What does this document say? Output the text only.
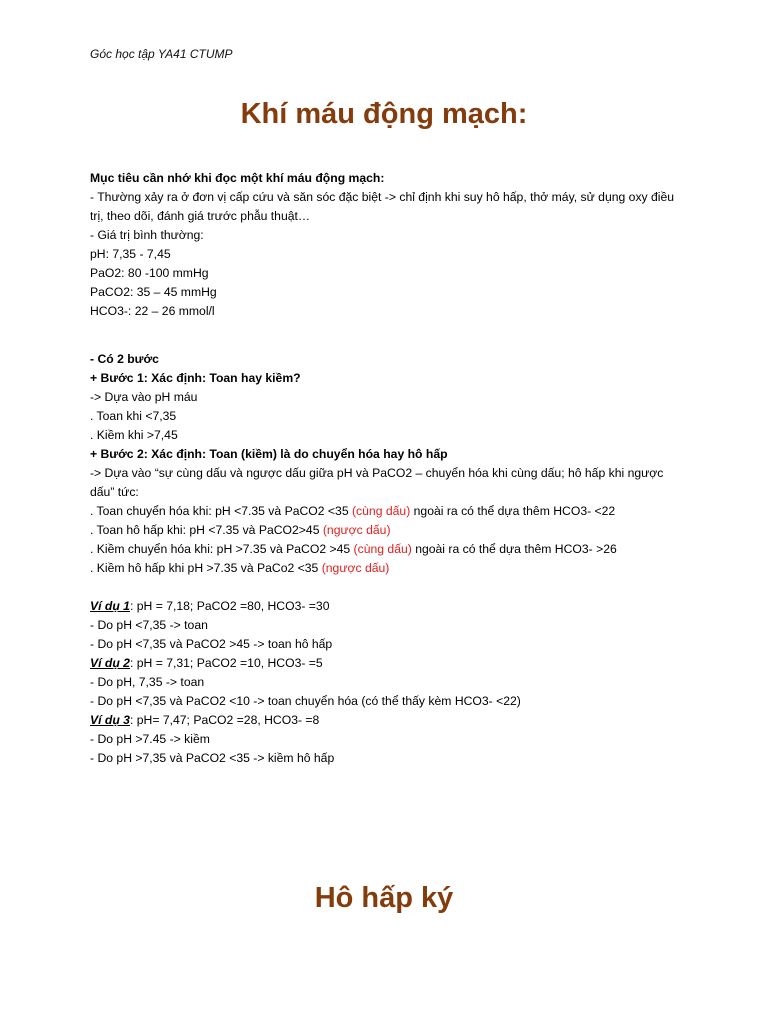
Góc học tập YA41 CTUMP
Khí máu động mạch:

Mục tiêu cần nhớ khi đọc một khí máu động mạch:

- Thường xảy ra ở đơn vị cấp cứu và săn sóc đặc biệt -> chỉ định khi suy hô hấp, thở máy, sử dụng oxy điều trị, theo dõi, đánh giá trước phẫu thuật…

- Giá trị bình thường:

pH: 7,35 - 7,45

PaO2: 80 -100 mmHg

PaCO2: 35 – 45 mmHg

HCO3-: 22 – 26 mmol/l

- Có 2 bước

+ Bước 1: Xác định: Toan hay kiềm?

-> Dựa vào pH máu

. Toan khi <7,35

. Kiềm khi >7,45

+ Bước 2: Xác định: Toan (kiềm) là do chuyển hóa hay hô hấp

-> Dựa vào “sự cùng dấu và ngược dấu giữa pH và PaCO2 – chuyển hóa khi cùng dấu; hô hấp khi ngược dấu” tức:

. Toan chuyển hóa khi: pH <7.35 và PaCO2 <35 (cùng dấu) ngoài ra có thể dựa thêm HCO3- <22

. Toan hô hấp khi: pH <7.35 và PaCO2>45 (ngược dấu)

. Kiềm chuyển hóa khi: pH >7.35 và PaCO2 >45 (cùng dấu) ngoài ra có thể dựa thêm HCO3- >26

. Kiềm hô hấp khi pH >7.35 và PaCo2 <35 (ngược dấu)

Ví dụ 1: pH = 7,18; PaCO2 =80, HCO3- =30

- Do pH <7,35 -> toan

- Do pH <7,35 và PaCO2 >45 -> toan hô hấp

Ví dụ 2: pH = 7,31; PaCO2 =10, HCO3- =5

- Do pH, 7,35 -> toan

- Do pH <7,35 và PaCO2 <10 -> toan chuyển hóa (có thể thấy kèm HCO3- <22)

Ví dụ 3: pH= 7,47; PaCO2 =28, HCO3- =8

- Do pH >7.45 -> kiềm

- Do pH >7,35 và PaCO2 <35 -> kiềm hô hấp

Hô hấp ký
